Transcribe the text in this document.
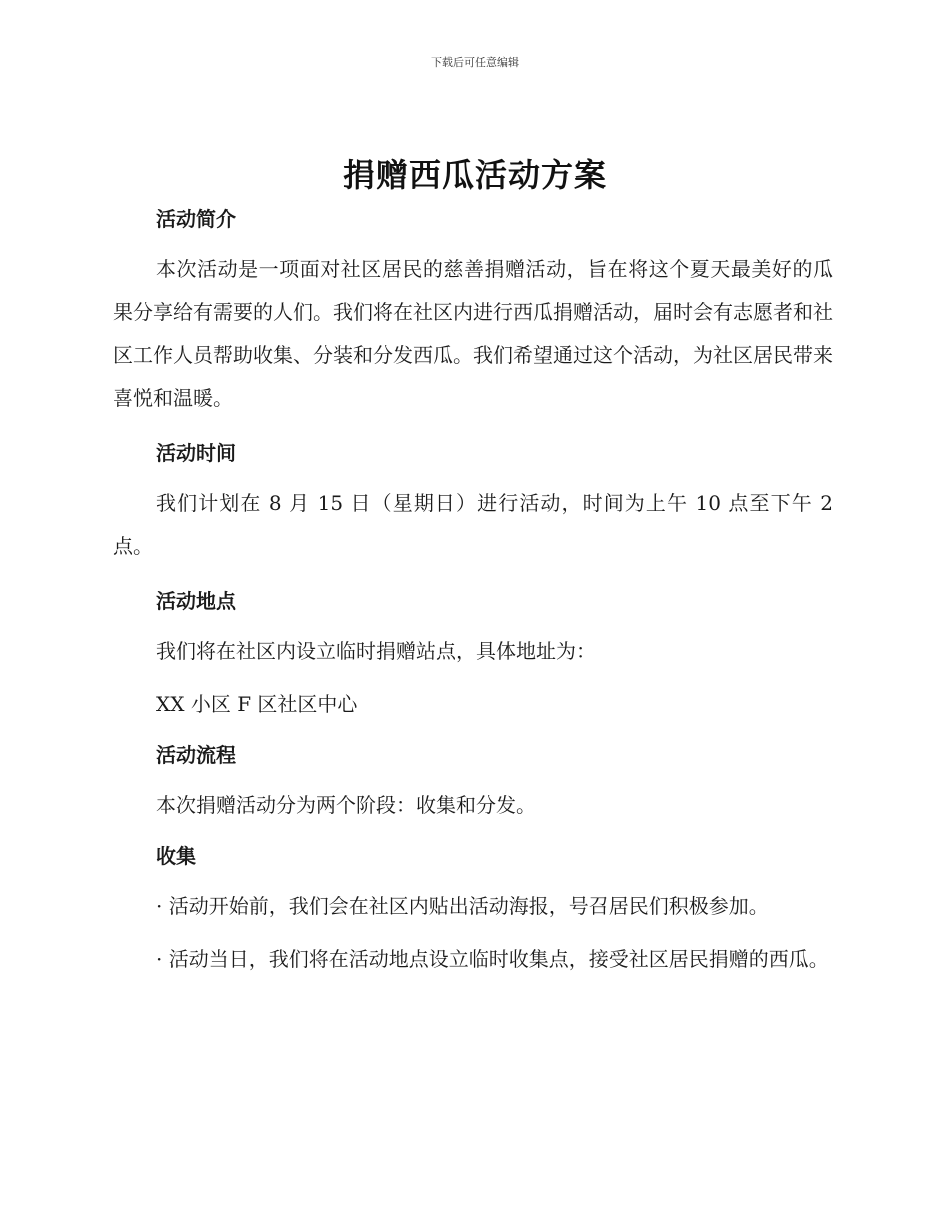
下载后可任意编辑
捐赠西瓜活动方案

活动简介

本次活动是一项面对社区居民的慈善捐赠活动，旨在将这个夏天最美好的瓜果分享给有需要的人们。我们将在社区内进行西瓜捐赠活动，届时会有志愿者和社区工作人员帮助收集、分装和分发西瓜。我们希望通过这个活动，为社区居民带来喜悦和温暖。

活动时间

我们计划在 8 月 15 日（星期日）进行活动，时间为上午 10 点至下午 2 点。

活动地点

我们将在社区内设立临时捐赠站点，具体地址为：

XX 小区 F 区社区中心

活动流程

本次捐赠活动分为两个阶段：收集和分发。

收集

· 活动开始前，我们会在社区内贴出活动海报，号召居民们积极参加。

· 活动当日，我们将在活动地点设立临时收集点，接受社区居民捐赠的西瓜。
